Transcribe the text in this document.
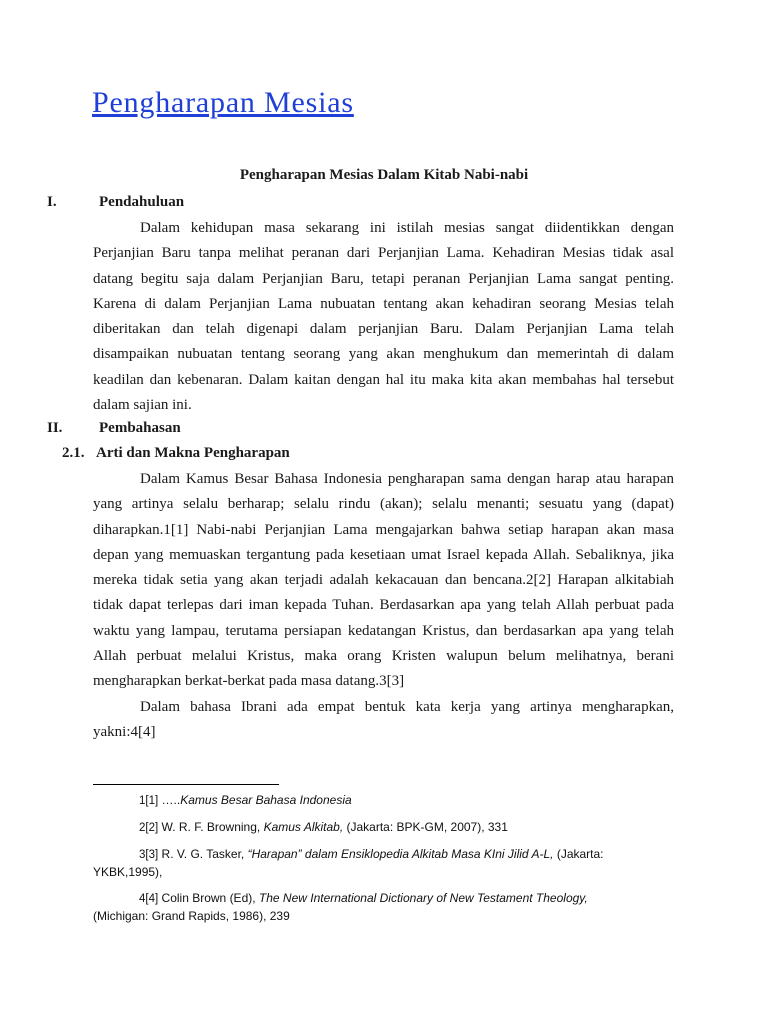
Pengharapan Mesias
Pengharapan Mesias Dalam Kitab Nabi-nabi
I.	Pendahuluan
Dalam kehidupan masa sekarang ini istilah mesias sangat diidentikkan dengan
Perjanjian Baru tanpa melihat peranan dari Perjanjian Lama. Kehadiran Mesias tidak asal
datang begitu saja dalam Perjanjian Baru, tetapi peranan Perjanjian Lama sangat penting.
Karena di dalam Perjanjian Lama nubuatan tentang akan kehadiran seorang Mesias telah
diberitakan dan telah digenapi dalam perjanjian Baru. Dalam Perjanjian Lama telah
disampaikan nubuatan tentang seorang yang akan menghukum dan memerintah di dalam
keadilan dan kebenaran. Dalam kaitan dengan hal itu maka kita akan membahas hal tersebut
dalam sajian ini.
II. Pembahasan
2.1. Arti dan Makna Pengharapan
Dalam Kamus Besar Bahasa Indonesia pengharapan sama dengan harap atau harapan
yang artinya selalu berharap; selalu rindu (akan); selalu menanti; sesuatu yang (dapat)
diharapkan.1[1] Nabi-nabi Perjanjian Lama mengajarkan bahwa setiap harapan akan masa
depan yang memuaskan tergantung pada kesetiaan umat Israel kepada Allah. Sebaliknya, jika
mereka tidak setia yang akan terjadi adalah kekacauan dan bencana.2[2] Harapan alkitabiah
tidak dapat terlepas dari iman kepada Tuhan. Berdasarkan apa yang telah Allah perbuat pada
waktu yang lampau, terutama persiapan kedatangan Kristus, dan berdasarkan apa yang telah
Allah perbuat melalui Kristus, maka orang Kristen walupun belum melihatnya, berani
mengharapkan berkat-berkat pada masa datang.3[3]
Dalam bahasa Ibrani ada empat bentuk kata kerja yang artinya mengharapkan,
yakni:4[4]
1[1] …..Kamus Besar Bahasa Indonesia
2[2] W. R. F. Browning, Kamus Alkitab, (Jakarta: BPK-GM, 2007), 331
3[3] R. V. G. Tasker, “Harapan” dalam Ensiklopedia Alkitab Masa KIni Jilid A-L, (Jakarta:
YKBK,1995),
4[4] Colin Brown (Ed), The New International Dictionary of New Testament Theology,
(Michigan: Grand Rapids, 1986), 239
